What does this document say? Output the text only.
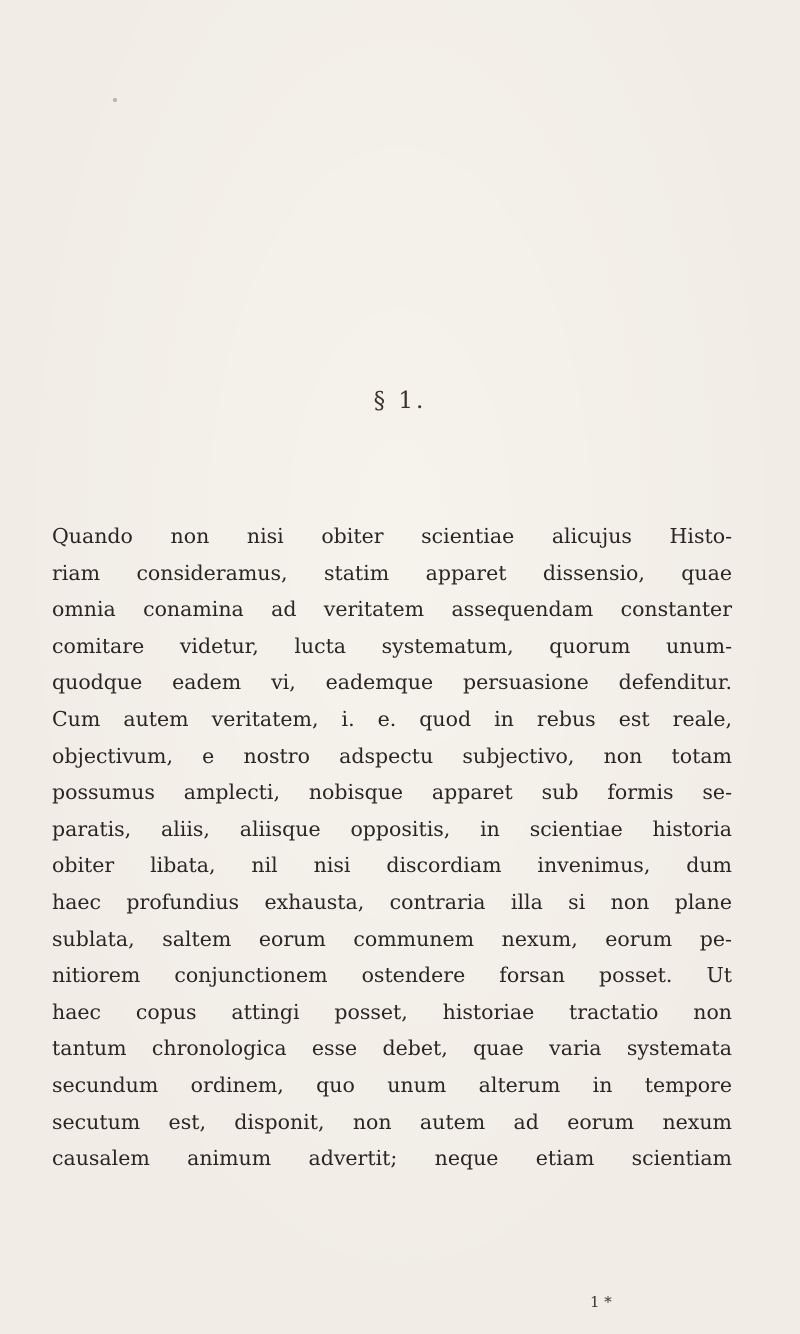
§ 1.
Quando non nisi obiter scientiae alicujus Histo-
riam consideramus, statim apparet dissensio, quae
omnia conamina ad veritatem assequendam constanter
comitare videtur, lucta systematum, quorum unum-
quodque eadem vi, eademque persuasione defenditur.
Cum autem veritatem, i. e. quod in rebus est reale,
objectivum, e nostro adspectu subjectivo, non totam
possumus amplecti, nobisque apparet sub formis se-
paratis, aliis, aliisque oppositis, in scientiae historia
obiter libata, nil nisi discordiam invenimus, dum
haec profundius exhausta, contraria illa si non plane
sublata, saltem eorum communem nexum, eorum pe-
nitiorem conjunctionem ostendere forsan posset. Ut
haec copus attingi posset, historiae tractatio non
tantum chronologica esse debet, quae varia systemata
secundum ordinem, quo unum alterum in tempore
secutum est, disponit, non autem ad eorum nexum
causalem animum advertit; neque etiam scientiam
1 *
